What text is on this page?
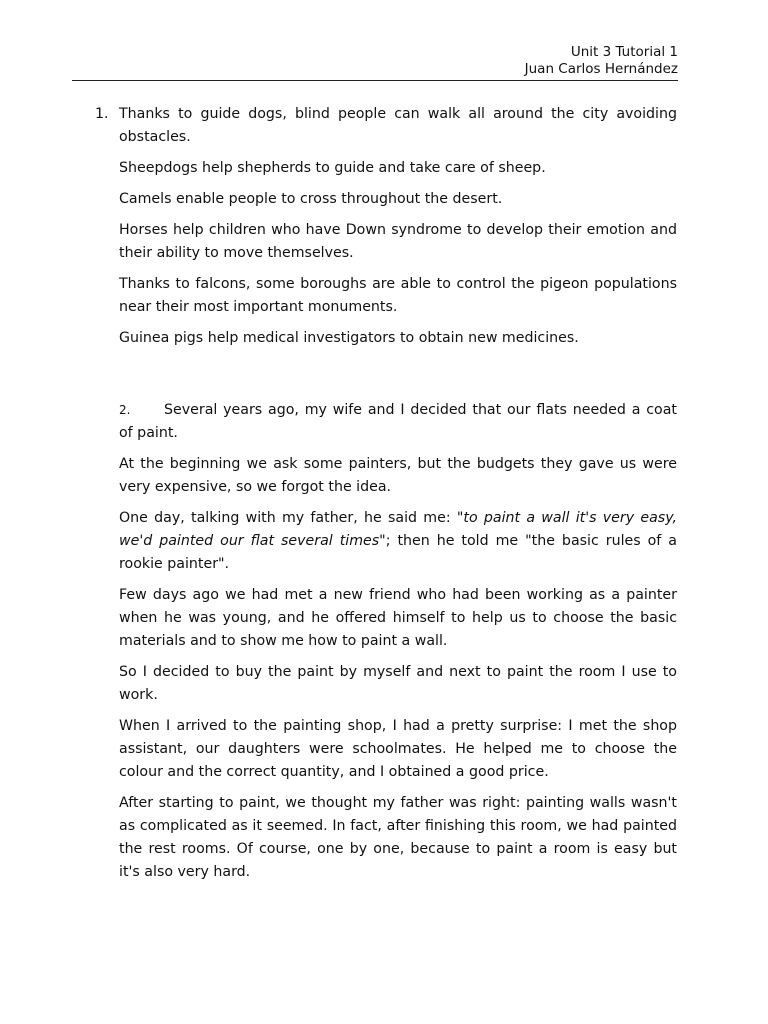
Unit 3 Tutorial 1
Juan Carlos Hernández

1. Thanks to guide dogs, blind people can walk all around the city avoiding obstacles.

Sheepdogs help shepherds to guide and take care of sheep.

Camels enable people to cross throughout the desert.

Horses help children who have Down syndrome to develop their emotion and their ability to move themselves.

Thanks to falcons, some boroughs are able to control the pigeon populations near their most important monuments.

Guinea pigs help medical investigators to obtain new medicines.

2. Several years ago, my wife and I decided that our flats needed a coat of paint.

At the beginning we ask some painters, but the budgets they gave us were very expensive, so we forgot the idea.

One day, talking with my father, he said me: "to paint a wall it's very easy, we'd painted our flat several times"; then he told me "the basic rules of a rookie painter".

Few days ago we had met a new friend who had been working as a painter when he was young, and he offered himself to help us to choose the basic materials and to show me how to paint a wall.

So I decided to buy the paint by myself and next to paint the room I use to work.

When I arrived to the painting shop, I had a pretty surprise: I met the shop assistant, our daughters were schoolmates. He helped me to choose the colour and the correct quantity, and I obtained a good price.

After starting to paint, we thought my father was right: painting walls wasn't as complicated as it seemed. In fact, after finishing this room, we had painted the rest rooms. Of course, one by one, because to paint a room is easy but it's also very hard.
